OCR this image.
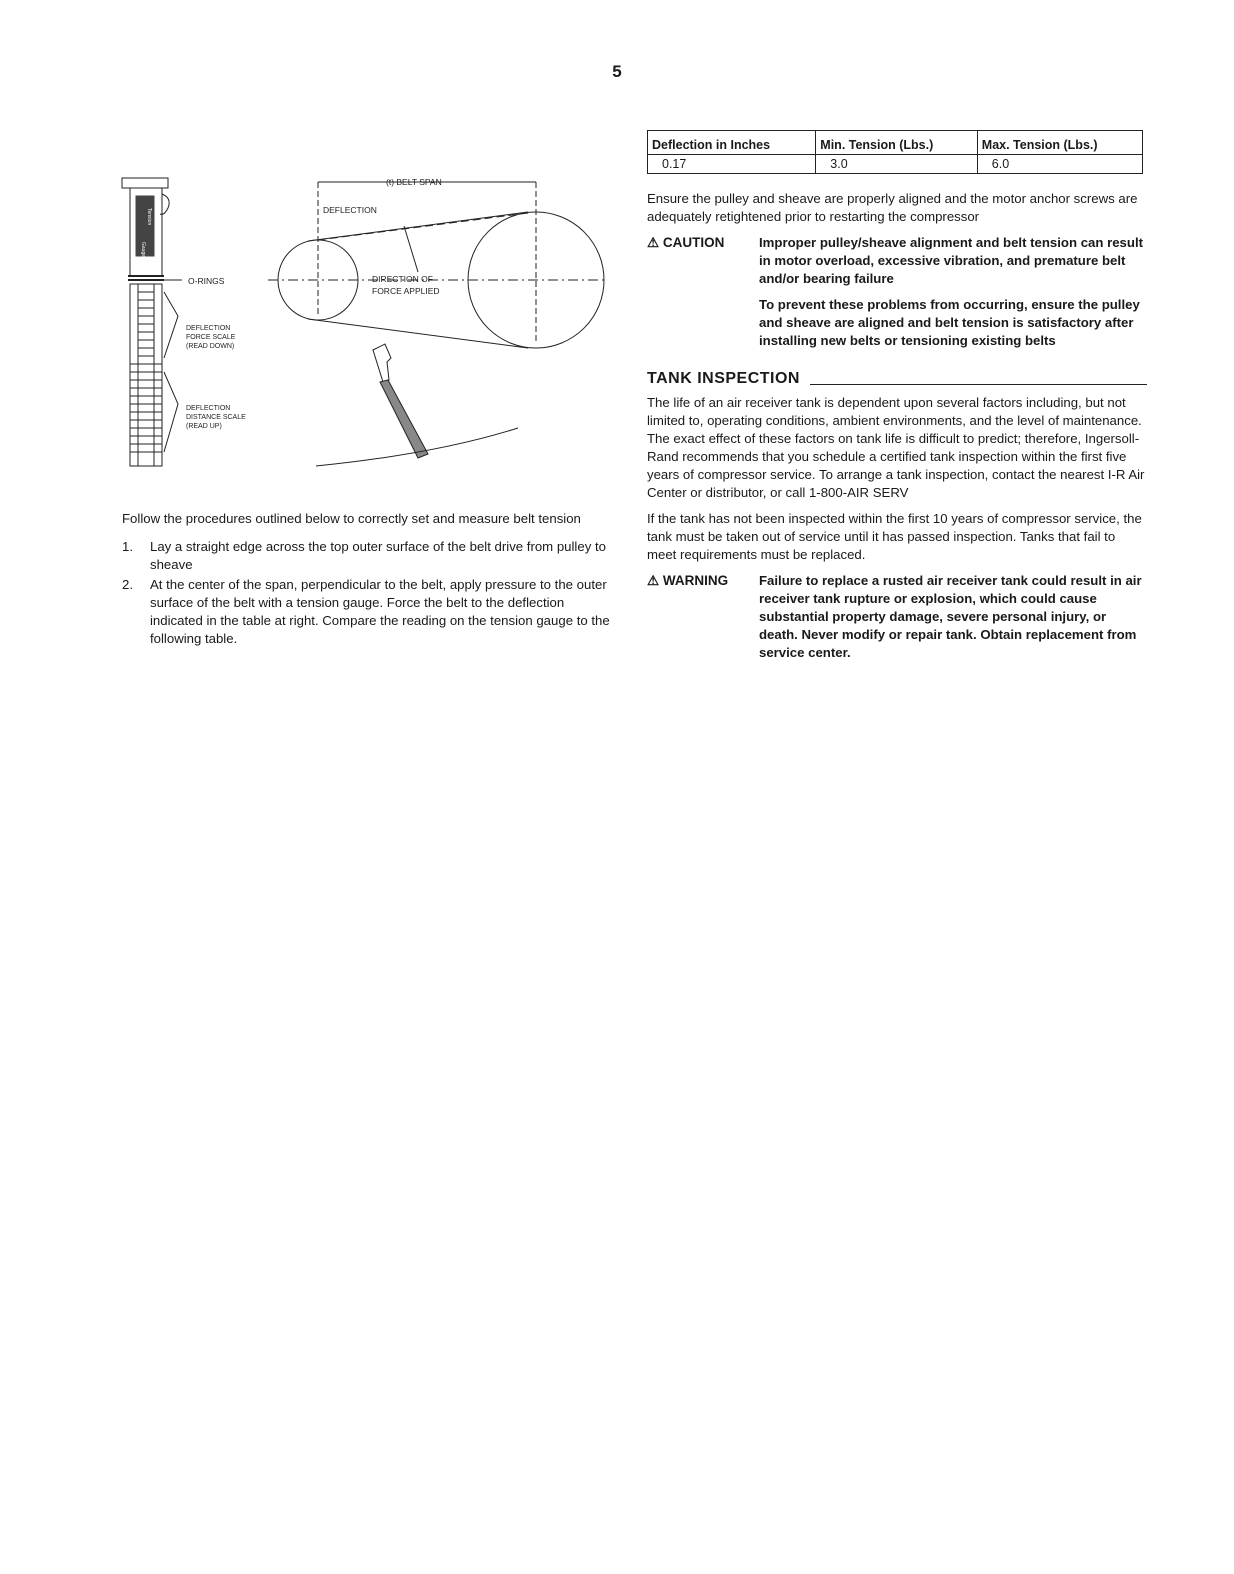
5
(t) BELT SPAN
DEFLECTION
DIRECTION OF
FORCE APPLIED
O-RINGS
DEFLECTION
FORCE SCALE
(READ DOWN)
DEFLECTION
DISTANCE SCALE
(READ UP)
Tension
Gauge

Follow the procedures outlined below to correctly set and measure belt tension

1. Lay a straight edge across the top outer surface of the belt drive from pulley to sheave
2. At the center of the span, perpendicular to the belt, apply pressure to the outer surface of the belt with a tension gauge. Force the belt to the deflection indicated in the table at right. Compare the reading on the tension gauge to the following table.
Deflection in Inches	Min. Tension (Lbs.)	Max. Tension (Lbs.)
0.17	3.0	6.0

Ensure the pulley and sheave are properly aligned and the motor anchor screws are adequately retightened prior to restarting the compressor

⚠ CAUTION	Improper pulley/sheave alignment and belt tension can result in motor overload, excessive vibration, and premature belt and/or bearing failure

To prevent these problems from occurring, ensure the pulley and sheave are aligned and belt tension is satisfactory after installing new belts or tensioning existing belts

TANK INSPECTION

The life of an air receiver tank is dependent upon several factors including, but not limited to, operating conditions, ambient environments, and the level of maintenance. The exact effect of these factors on tank life is difficult to predict; therefore, Ingersoll-Rand recommends that you schedule a certified tank inspection within the first five years of compressor service. To arrange a tank inspection, contact the nearest I-R Air Center or distributor, or call 1-800-AIR SERV

If the tank has not been inspected within the first 10 years of compressor service, the tank must be taken out of service until it has passed inspection. Tanks that fail to meet requirements must be replaced.

⚠ WARNING	Failure to replace a rusted air receiver tank could result in air receiver tank rupture or explosion, which could cause substantial property damage, severe personal injury, or death. Never modify or repair tank. Obtain replacement from service center.
